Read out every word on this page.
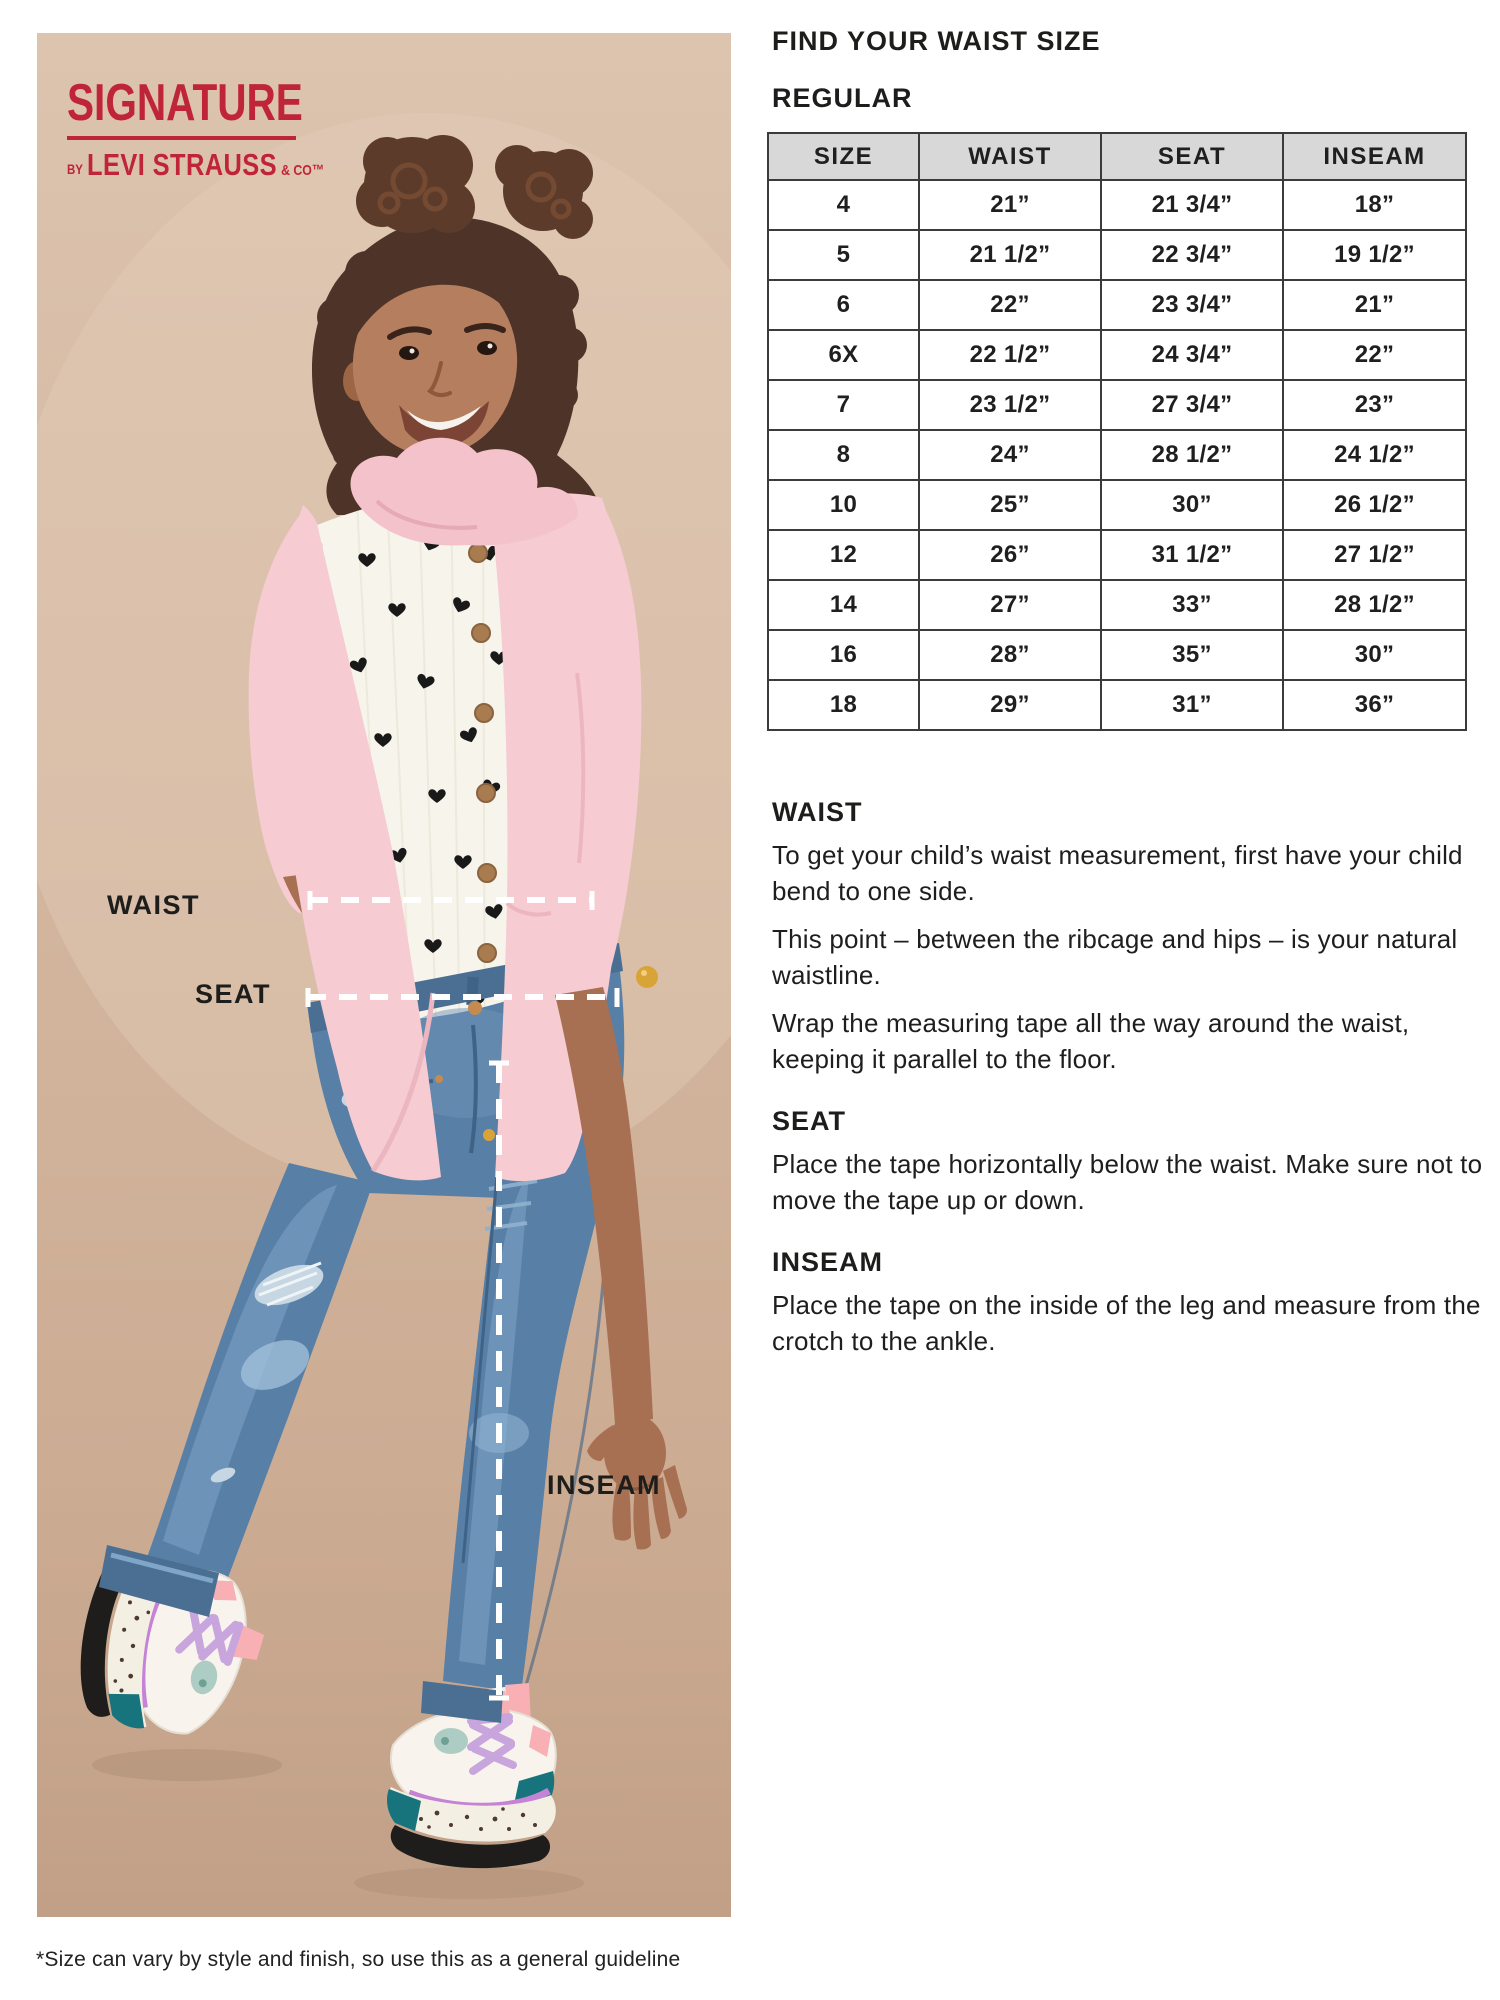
SIGNATURE
BY LEVI STRAUSS & CO™
WAIST
SEAT
INSEAM
FIND YOUR WAIST SIZE
REGULAR
SIZE	WAIST	SEAT	INSEAM
4	21”	21 3/4”	18”
5	21 1/2”	22 3/4”	19 1/2”
6	22”	23 3/4”	21”
6X	22 1/2”	24 3/4”	22”
7	23 1/2”	27 3/4”	23”
8	24”	28 1/2”	24 1/2”
10	25”	30”	26 1/2”
12	26”	31 1/2”	27 1/2”
14	27”	33”	28 1/2”
16	28”	35”	30”
18	29”	31”	36”
WAIST

To get your child’s waist measurement, first have your child bend to one side.

This point – between the ribcage and hips – is your natural waistline.

Wrap the measuring tape all the way around the waist, keeping it parallel to the floor.

SEAT

Place the tape horizontally below the waist. Make sure not to move the tape up or down.

INSEAM

Place the tape on the inside of the leg and measure from the crotch to the ankle.

*Size can vary by style and finish, so use this as a general guideline
